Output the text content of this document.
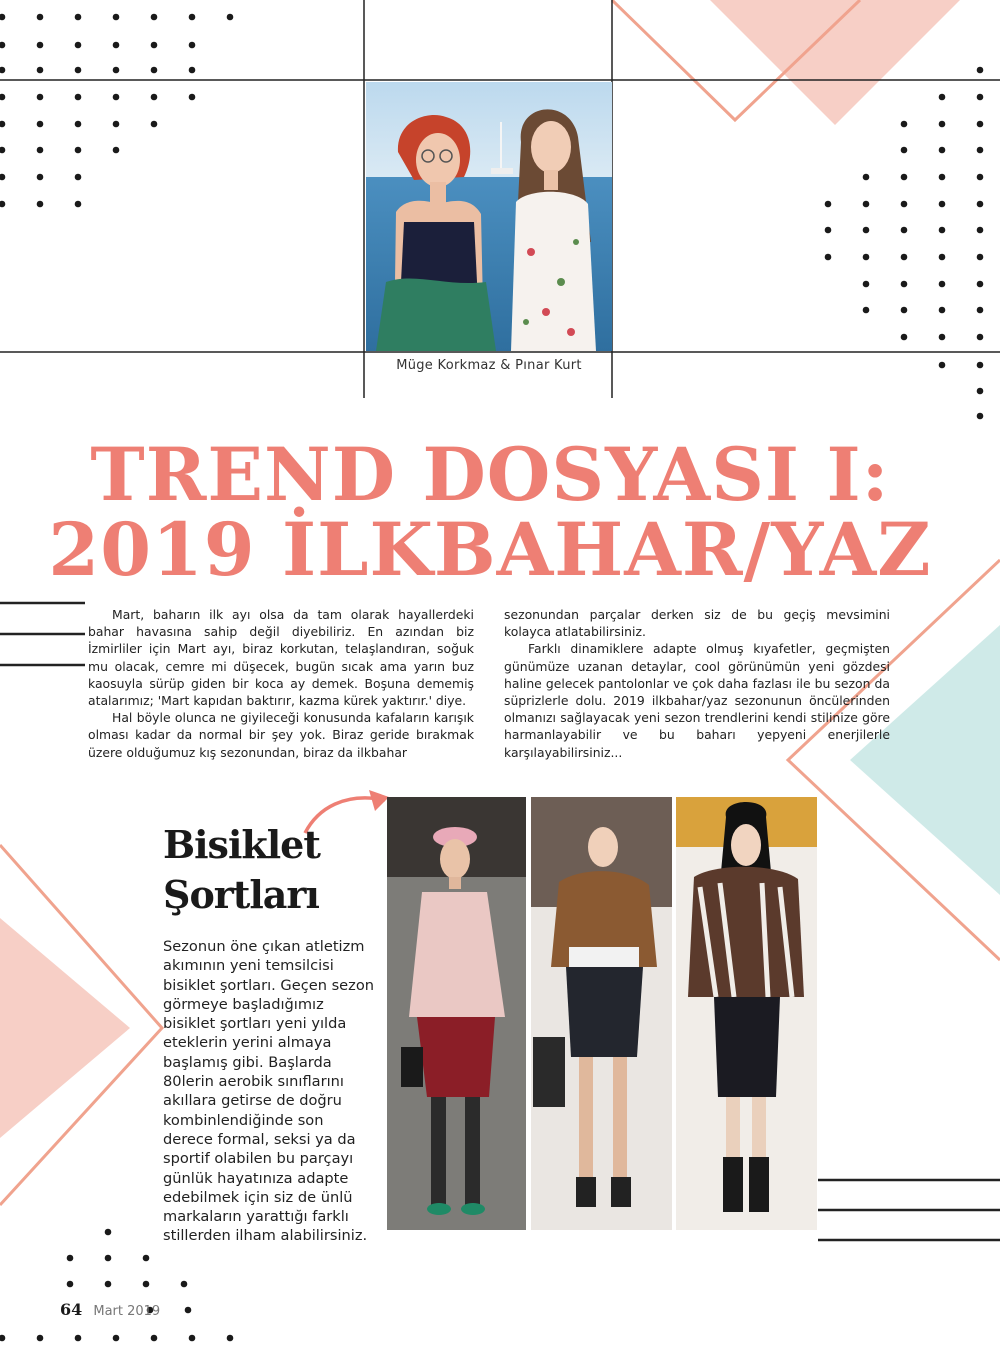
Müge Korkmaz & Pınar Kurt
TREND DOSYASI I:
2019 İLKBAHAR/YAZ

Mart, baharın ilk ayı olsa da tam olarak hayallerdeki bahar havasına sahip değil diyebiliriz. En azından biz İzmirliler için Mart ayı, biraz korkutan, telaşlandıran, soğuk mu olacak, cemre mi düşecek, bugün sıcak ama yarın buz kaosuyla sürüp giden bir koca ay demek. Boşuna dememiş atalarımız; 'Mart kapıdan baktırır, kazma kürek yaktırır.' diye.

Hal böyle olunca ne giyileceği konusunda kafaların karışık olması kadar da normal bir şey yok. Biraz geride bırakmak üzere olduğumuz kış sezonundan, biraz da ilkbahar

sezonundan parçalar derken siz de bu geçiş mevsimini kolayca atlatabilirsiniz.

Farklı dinamiklere adapte olmuş kıyafetler, geçmişten günümüze uzanan detaylar, cool görünümün yeni gözdesi haline gelecek pantolonlar ve çok daha fazlası ile bu sezon da süprizlerle dolu. 2019 ilkbahar/yaz sezonunun öncülerinden olmanızı sağlayacak yeni sezon trendlerini kendi stilinize göre harmanlayabilir ve bu baharı yepyeni enerjilerle karşılayabilirsiniz...

Bisiklet
Şortları
Sezonun öne çıkan atletizm akımının yeni temsilcisi bisiklet şortları. Geçen sezon görmeye başladığımız bisiklet şortları yeni yılda eteklerin yerini almaya başlamış gibi. Başlarda 80lerin aerobik sınıflarını akıllara getirse de doğru kombinlendiğinde son derece formal, seksi ya da sportif olabilen bu parçayı günlük hayatınıza adapte edebilmek için siz de ünlü markaların yarattığı farklı stillerden ilham alabilirsiniz.
64 Mart 2019
